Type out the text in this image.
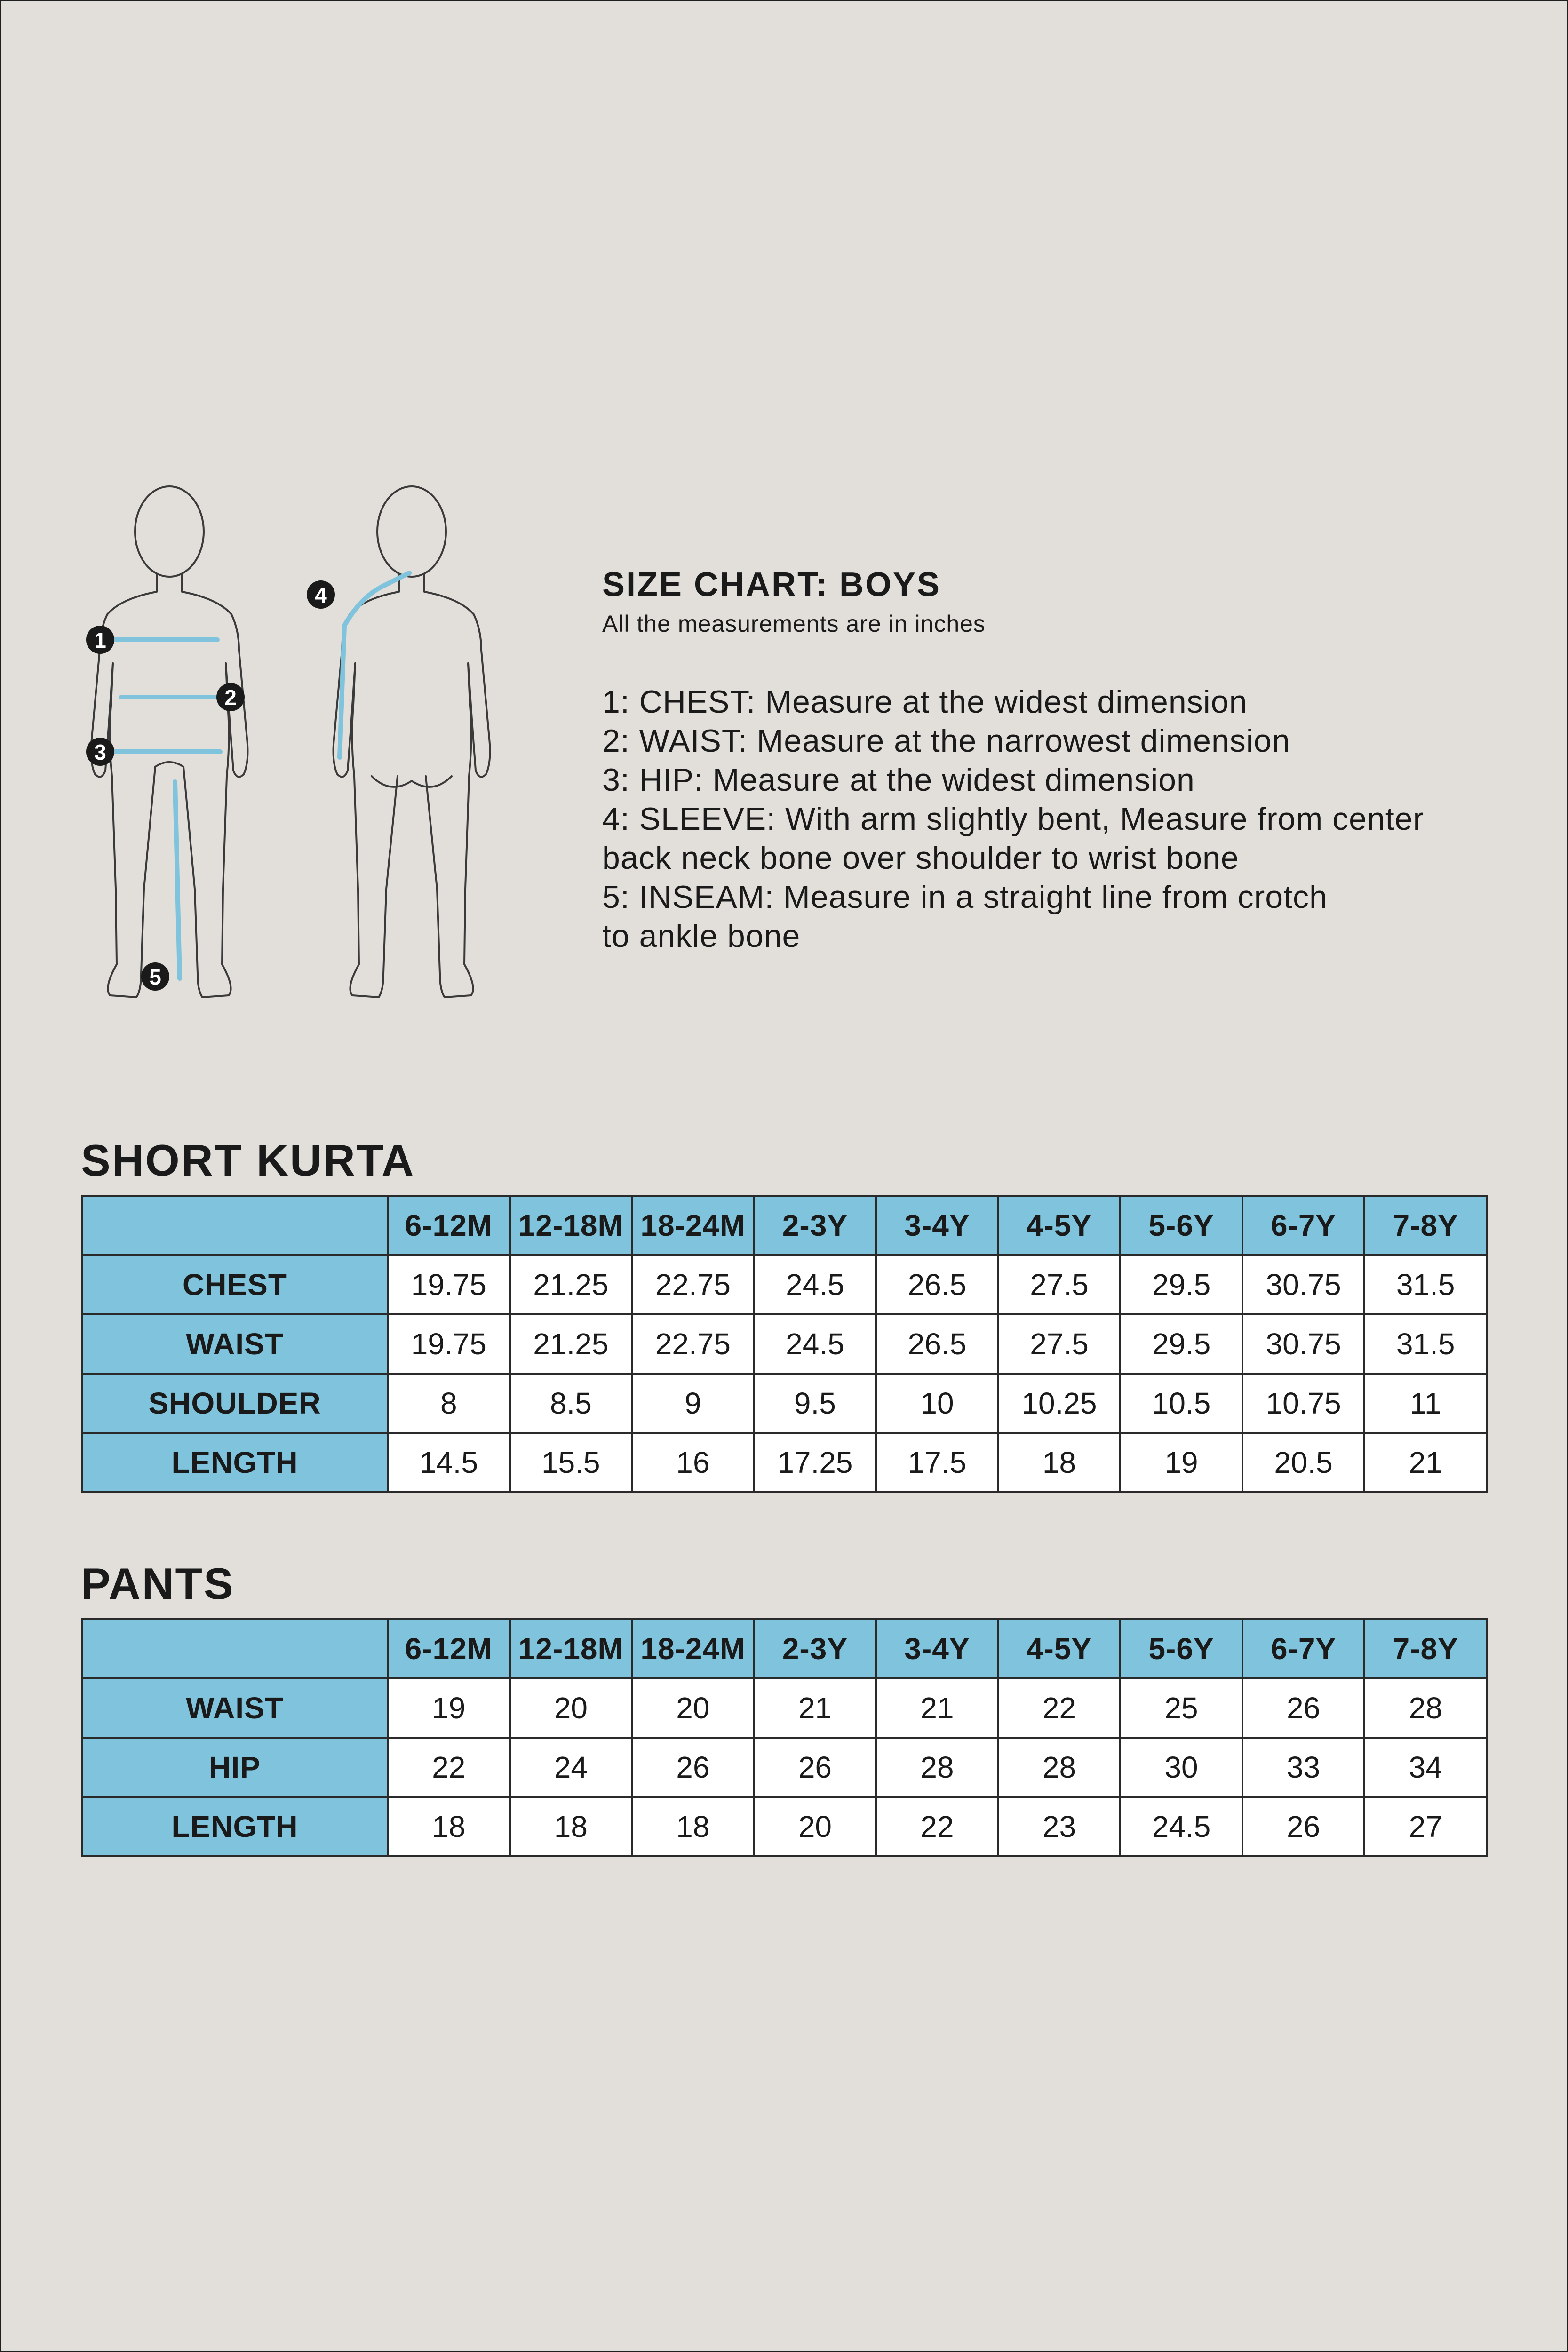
1
2
3
4
5
SIZE CHART: BOYS
All the measurements are in inches
1: CHEST: Measure at the widest dimension
2: WAIST: Measure at the narrowest dimension
3: HIP: Measure at the widest dimension
4: SLEEVE: With arm slightly bent, Measure from center
back neck bone over shoulder to wrist bone
5: INSEAM: Measure in a straight line from crotch
to ankle bone
SHORT KURTA
	6-12M	12-18M	18-24M	2-3Y	3-4Y	4-5Y	5-6Y	6-7Y	7-8Y
CHEST	19.75	21.25	22.75	24.5	26.5	27.5	29.5	30.75	31.5
WAIST	19.75	21.25	22.75	24.5	26.5	27.5	29.5	30.75	31.5
SHOULDER	8	8.5	9	9.5	10	10.25	10.5	10.75	11
LENGTH	14.5	15.5	16	17.25	17.5	18	19	20.5	21
PANTS
	6-12M	12-18M	18-24M	2-3Y	3-4Y	4-5Y	5-6Y	6-7Y	7-8Y
WAIST	19	20	20	21	21	22	25	26	28
HIP	22	24	26	26	28	28	30	33	34
LENGTH	18	18	18	20	22	23	24.5	26	27
